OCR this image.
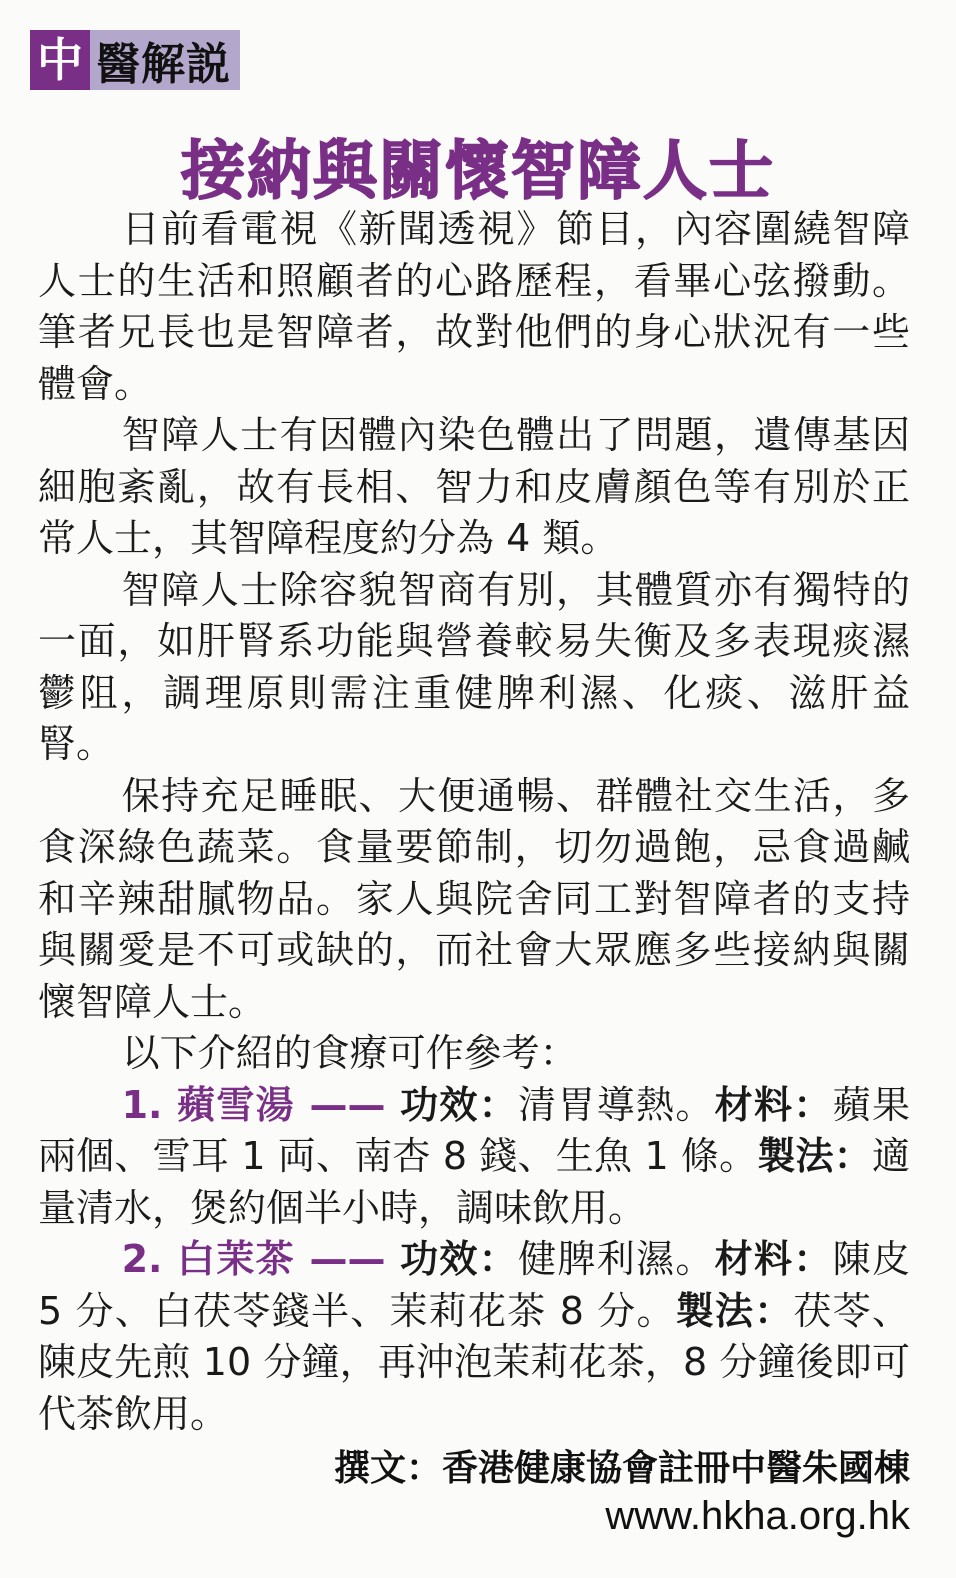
中 醫解説
接納與關懷智障人士

日前看電視《新聞透視》節目，內容圍繞智障人士的生活和照顧者的心路歷程，看畢心弦撥動。筆者兄長也是智障者，故對他們的身心狀況有一些體會。

智障人士有因體內染色體出了問題，遺傳基因細胞紊亂，故有長相、智力和皮膚顏色等有別於正常人士，其智障程度約分為 4 類。

智障人士除容貌智商有別，其體質亦有獨特的一面，如肝腎系功能與營養較易失衡及多表現痰濕鬱阻，調理原則需注重健脾利濕、化痰、滋肝益腎。

保持充足睡眠、大便通暢、群體社交生活，多食深綠色蔬菜。食量要節制，切勿過飽，忌食過鹹和辛辣甜膩物品。家人與院舍同工對智障者的支持與關愛是不可或缺的，而社會大眾應多些接納與關懷智障人士。

以下介紹的食療可作參考：

1. 蘋雪湯 —— 功效：清胃導熱。材料：蘋果兩個、雪耳 1 両、南杏 8 錢、生魚 1 條。製法：適量清水，煲約個半小時，調味飲用。

2. 白茉茶 —— 功效：健脾利濕。材料：陳皮 5 分、白茯苓錢半、茉莉花茶 8 分。製法：茯苓、陳皮先煎 10 分鐘，再沖泡茉莉花茶，8 分鐘後即可代茶飲用。

撰文：香港健康協會註冊中醫朱國棟
www.hkha.org.hk
